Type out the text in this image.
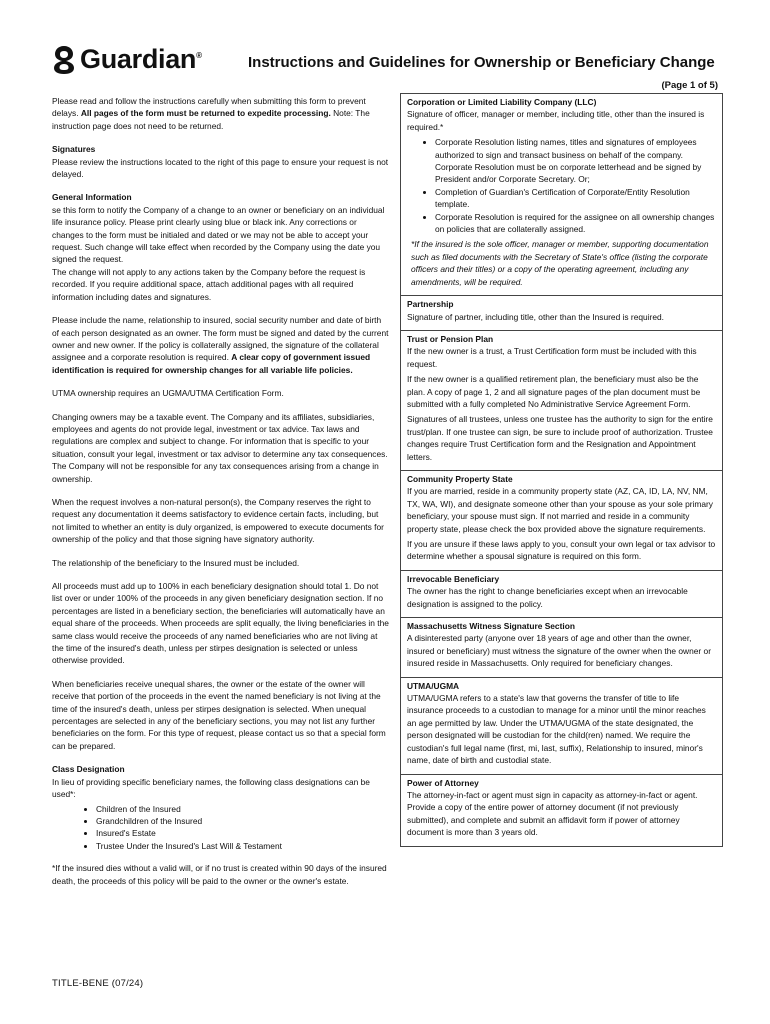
Guardian®	Instructions and Guidelines for Ownership or Beneficiary Change
(Page 1 of 5)

Please read and follow the instructions carefully when submitting this form to prevent delays. All pages of the form must be returned to expedite processing. Note: The instruction page does not need to be returned.

Signatures
Please review the instructions located to the right of this page to ensure your request is not delayed.

General Information
se this form to notify the Company of a change to an owner or beneficiary on an individual life insurance policy. Please print clearly using blue or black ink. Any corrections or changes to the form must be initialed and dated or we may not be able to accept your request. Such change will take effect when recorded by the Company using the date you signed the request.

The change will not apply to any actions taken by the Company before the request is recorded. If you require additional space, attach additional pages with all required information including dates and signatures.

Please include the name, relationship to insured, social security number and date of birth of each person designated as an owner. The form must be signed and dated by the current owner and new owner. If the policy is collaterally assigned, the signature of the collateral assignee and a corporate resolution is required. A clear copy of government issued identification is required for ownership changes for all variable life policies.

UTMA ownership requires an UGMA/UTMA Certification Form.

Changing owners may be a taxable event. The Company and its affiliates, subsidiaries, employees and agents do not provide legal, investment or tax advice. Tax laws and regulations are complex and subject to change. For information that is specific to your situation, consult your legal, investment or tax advisor to determine any tax consequences. The Company will not be responsible for any tax consequences arising from a change in ownership.

When the request involves a non-natural person(s), the Company reserves the right to request any documentation it deems satisfactory to evidence certain facts, including, but not limited to whether an entity is duly organized, is empowered to execute documents for ownership of the policy and that those signing have signatory authority.

The relationship of the beneficiary to the Insured must be included.

All proceeds must add up to 100% in each beneficiary designation should total 1. Do not list over or under 100% of the proceeds in any given beneficiary designation section. If no percentages are listed in a beneficiary section, the beneficiaries will automatically have an equal share of the proceeds. When proceeds are split equally, the living beneficiaries in the same class would receive the proceeds of any named beneficiaries who are not living at the time of the insured's death, unless per stirpes designation is selected or unless otherwise provided.

When beneficiaries receive unequal shares, the owner or the estate of the owner will receive that portion of the proceeds in the event the named beneficiary is not living at the time of the insured's death, unless per stirpes designation is selected. When unequal percentages are selected in any of the beneficiary sections, you may not list any further beneficiaries on the form. For this type of request, please contact us so that a special form can be prepared.

Class Designation
In lieu of providing specific beneficiary names, the following class designations can be used*:

• Children of the Insured
• Grandchildren of the Insured
• Insured's Estate
• Trustee Under the Insured's Last Will & Testament

*If the insured dies without a valid will, or if no trust is created within 90 days of the insured death, the proceeds of this policy will be paid to the owner or the owner's estate.

Corporation or Limited Liability Company (LLC)

Signature of officer, manager or member, including title, other than the insured is required.*

• Corporate Resolution listing names, titles and signatures of employees authorized to sign and transact business on behalf of the company. Corporate Resolution must be on corporate letterhead and be signed by President and/or Corporate Secretary. Or;
• Completion of Guardian's Certification of Corporate/Entity Resolution template.
• Corporate Resolution is required for the assignee on all ownership changes on policies that are collaterally assigned.

*If the insured is the sole officer, manager or member, supporting documentation such as filed documents with the Secretary of State's office (listing the corporate officers and their titles) or a copy of the operating agreement, including any amendments, will be required.

Partnership

Signature of partner, including title, other than the Insured is required.

Trust or Pension Plan

If the new owner is a trust, a Trust Certification form must be included with this request.

If the new owner is a qualified retirement plan, the beneficiary must also be the plan. A copy of page 1, 2 and all signature pages of the plan document must be submitted with a fully completed No Administrative Service Agreement Form.

Signatures of all trustees, unless one trustee has the authority to sign for the entire trust/plan. If one trustee can sign, be sure to include proof of authorization. Trustee changes require Trust Certification form and the Resignation and Appointment letters.

Community Property State

If you are married, reside in a community property state (AZ, CA, ID, LA, NV, NM, TX, WA, WI), and designate someone other than your spouse as your sole primary beneficiary, your spouse must sign. If not married and reside in a community property state, please check the box provided above the signature requirements.

If you are unsure if these laws apply to you, consult your own legal or tax advisor to determine whether a spousal signature is required on this form.

Irrevocable Beneficiary

The owner has the right to change beneficiaries except when an irrevocable designation is assigned to the policy.

Massachusetts Witness Signature Section

A disinterested party (anyone over 18 years of age and other than the owner, insured or beneficiary) must witness the signature of the owner when the owner or insured reside in Massachusetts. Only required for beneficiary changes.

UTMA/UGMA

UTMA/UGMA refers to a state's law that governs the transfer of title to life insurance proceeds to a custodian to manage for a minor until the minor reaches an age permitted by law. Under the UTMA/UGMA of the state designated, the person designated will be custodian for the child(ren) named. We require the custodian's full legal name (first, mi, last, suffix), Relationship to insured, minor's name, date of birth and custodial state.

Power of Attorney

The attorney-in-fact or agent must sign in capacity as attorney-in-fact or agent. Provide a copy of the entire power of attorney document (if not previously submitted), and complete and submit an affidavit form if power of attorney document is more than 3 years old.

TITLE-BENE (07/24)
